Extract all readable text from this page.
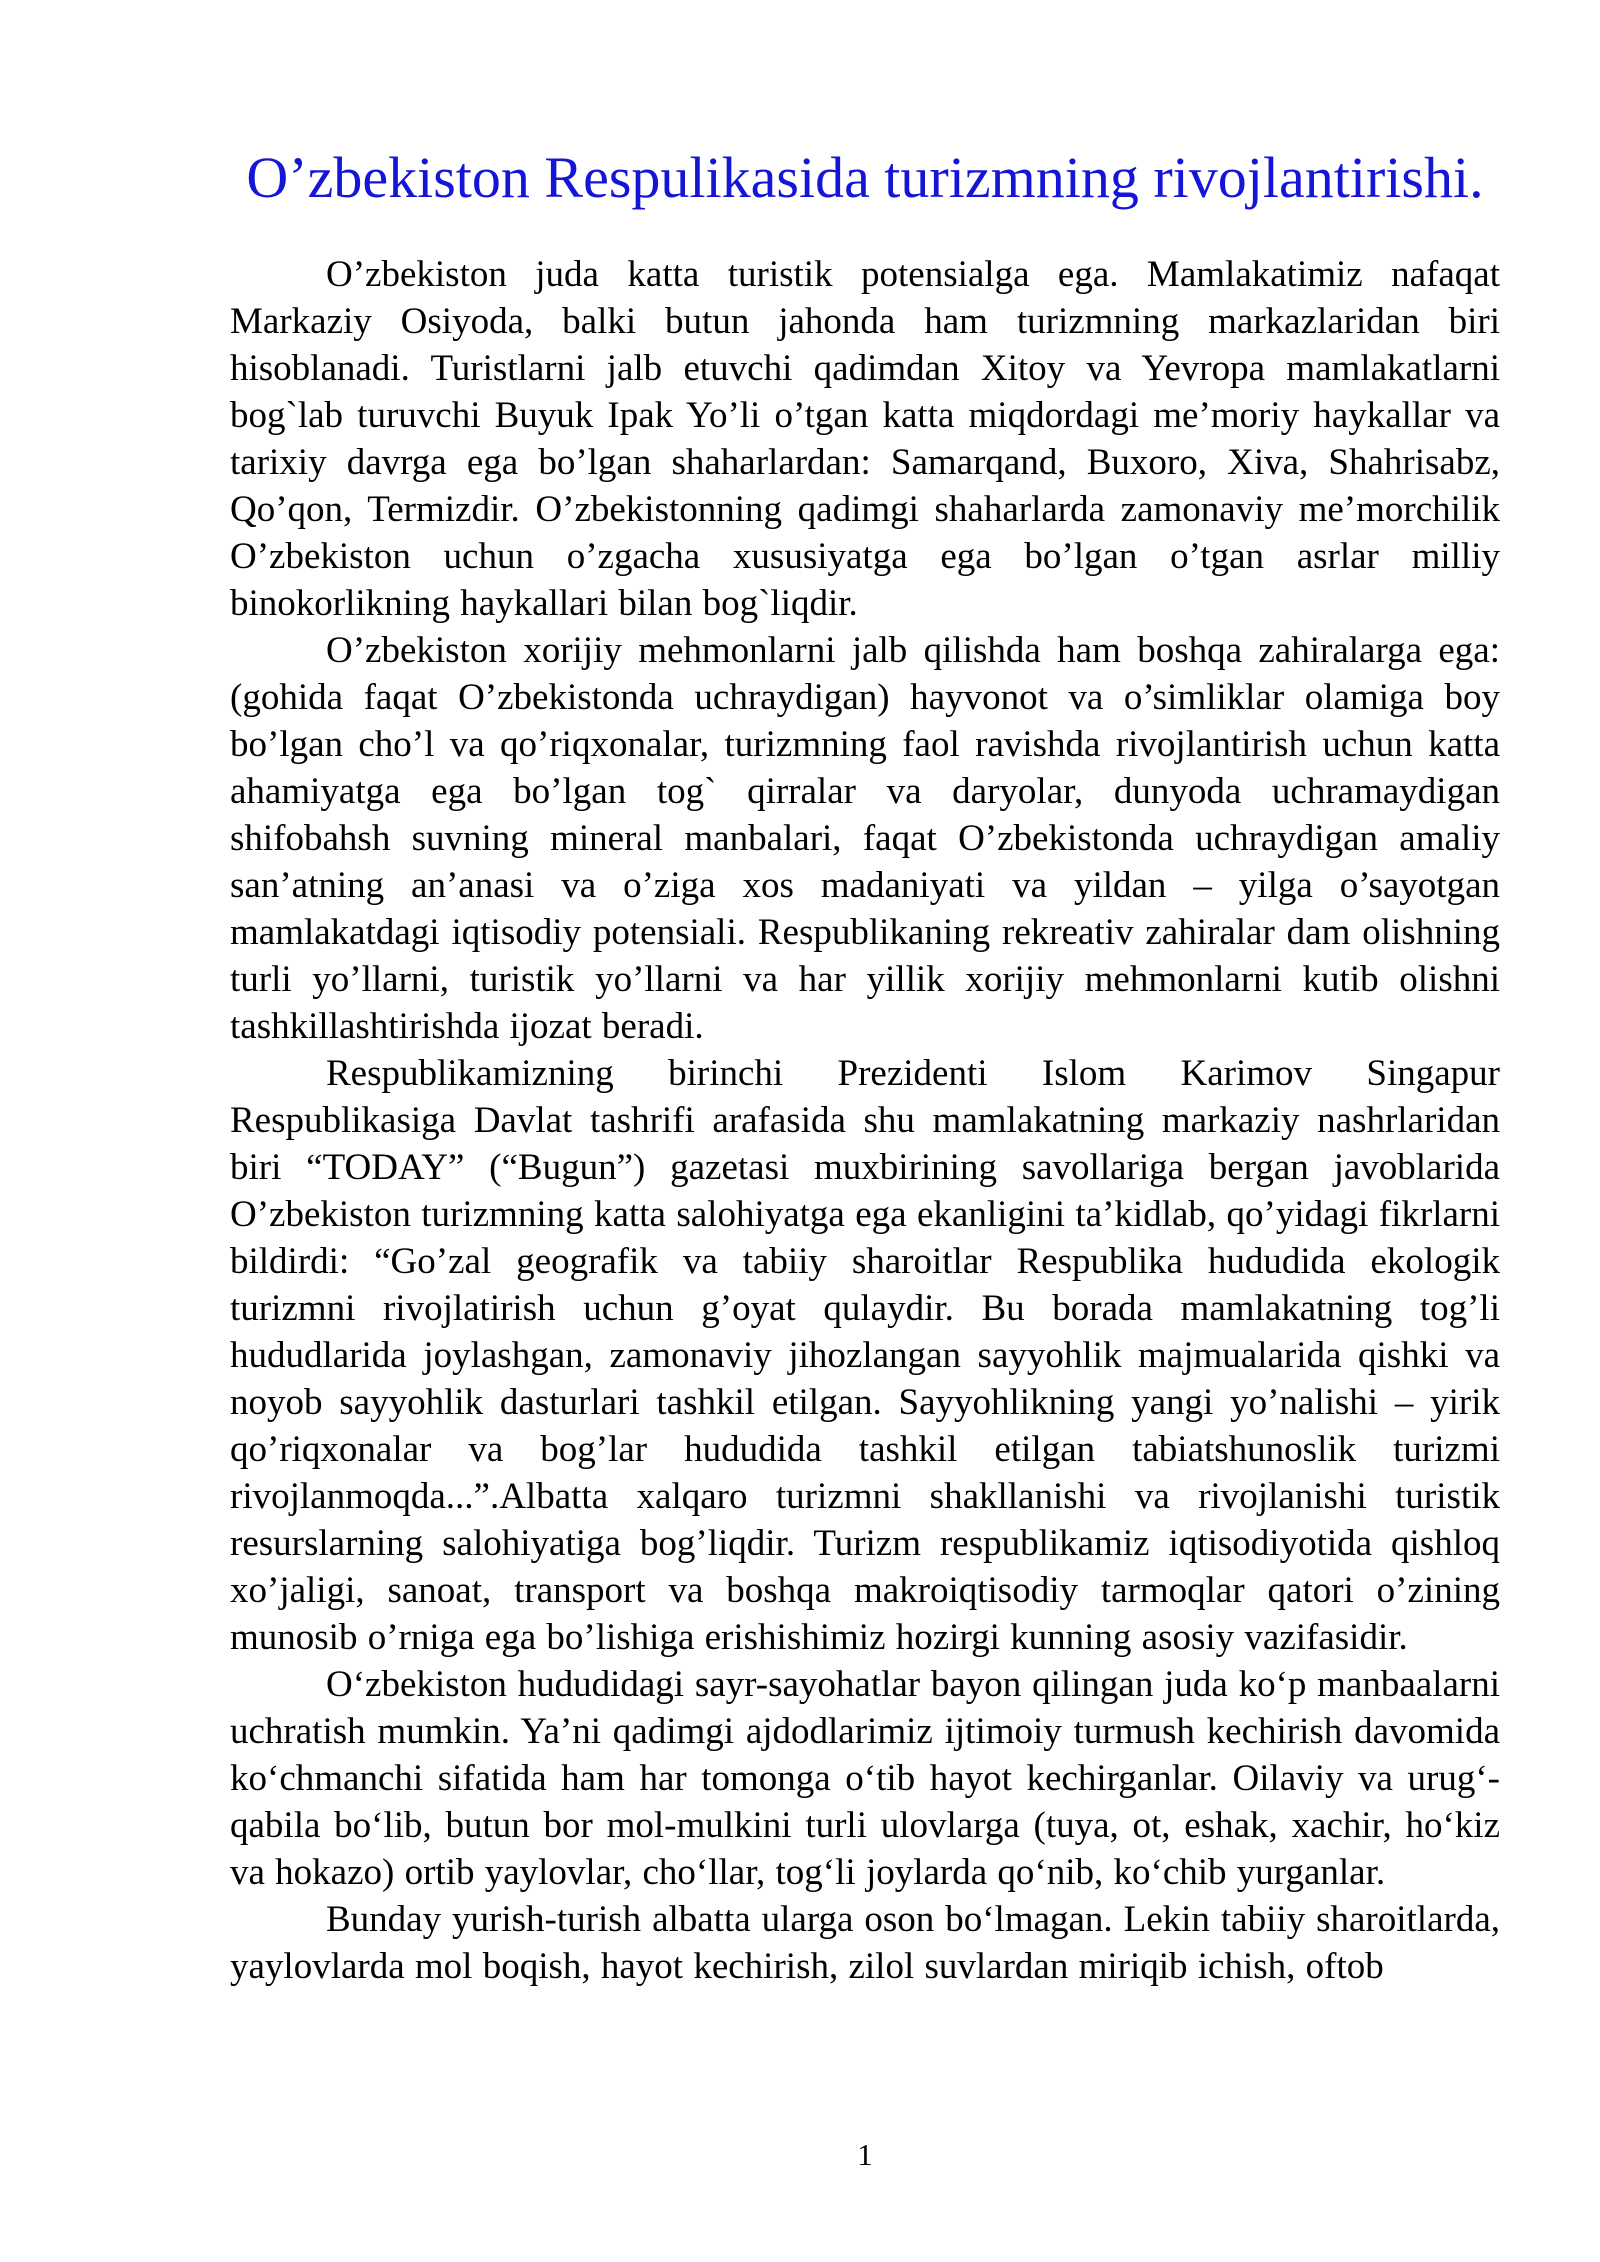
O’zbekiston Respulikasida turizmning rivojlantirishi.

O’zbekiston juda katta turistik potensialga ega. Mamlakatimiz nafaqat Markaziy Osiyoda, balki butun jahonda ham turizmning markazlaridan biri hisoblanadi. Turistlarni jalb etuvchi qadimdan Xitoy va Yevropa mamlakatlarni bog`lab turuvchi Buyuk Ipak Yo’li o’tgan katta miqdordagi me’moriy haykallar va tarixiy davrga ega bo’lgan shaharlardan: Samarqand, Buxoro, Xiva, Shahrisabz, Qo’qon, Termizdir. O’zbekistonning qadimgi shaharlarda zamonaviy me’morchilik O’zbekiston uchun o’zgacha xususiyatga ega bo’lgan o’tgan asrlar milliy binokorlikning haykallari bilan bog`liqdir.

O’zbekiston xorijiy mehmonlarni jalb qilishda ham boshqa zahiralarga ega: (gohida faqat O’zbekistonda uchraydigan) hayvonot va o’simliklar olamiga boy bo’lgan cho’l va qo’riqxonalar, turizmning faol ravishda rivojlantirish uchun katta ahamiyatga ega bo’lgan tog` qirralar va daryolar, dunyoda uchramaydigan shifobahsh suvning mineral manbalari, faqat O’zbekistonda uchraydigan amaliy san’atning an’anasi va o’ziga xos madaniyati va yildan – yilga o’sayotgan mamlakatdagi iqtisodiy potensiali. Respublikaning rekreativ zahiralar dam olishning turli yo’llarni, turistik yo’llarni va har yillik xorijiy mehmonlarni kutib olishni tashkillashtirishda ijozat beradi.

Respublikamizning birinchi Prezidenti Islom Karimov Singapur Respublikasiga Davlat tashrifi arafasida shu mamlakatning markaziy nashrlaridan biri “TODAY” (“Bugun”) gazetasi muxbirining savollariga bergan javoblarida O’zbekiston turizmning katta salohiyatga ega ekanligini ta’kidlab, qo’yidagi fikrlarni bildirdi: “Go’zal geografik va tabiiy sharoitlar Respublika hududida ekologik turizmni rivojlatirish uchun g’oyat qulaydir. Bu borada mamlakatning tog’li hududlarida joylashgan, zamonaviy jihozlangan sayyohlik majmualarida qishki va noyob sayyohlik dasturlari tashkil etilgan. Sayyohlikning yangi yo’nalishi – yirik qo’riqxonalar va bog’lar hududida tashkil etilgan tabiatshunoslik turizmi rivojlanmoqda...”.Albatta xalqaro turizmni shakllanishi va rivojlanishi turistik resurslarning salohiyatiga bog’liqdir. Turizm respublikamiz iqtisodiyotida qishloq xo’jaligi, sanoat, transport va boshqa makroiqtisodiy tarmoqlar qatori o’zining munosib o’rniga ega bo’lishiga erishishimiz hozirgi kunning asosiy vazifasidir.

O‘zbekiston hududidagi sayr-sayohatlar bayon qilingan juda ko‘p manbaalarni uchratish mumkin. Ya’ni qadimgi ajdodlarimiz ijtimoiy turmush kechirish davomida ko‘chmanchi sifatida ham har tomonga o‘tib hayot kechirganlar. Oilaviy va urug‘-qabila bo‘lib, butun bor mol-mulkini turli ulovlarga (tuya, ot, eshak, xachir, ho‘kiz va hokazo) ortib yaylovlar, cho‘llar, tog‘li joylarda qo‘nib, ko‘chib yurganlar.

Bunday yurish-turish albatta ularga oson bo‘lmagan. Lekin tabiiy sharoitlarda, yaylovlarda mol boqish, hayot kechirish, zilol suvlardan miriqib ichish, oftob

1
